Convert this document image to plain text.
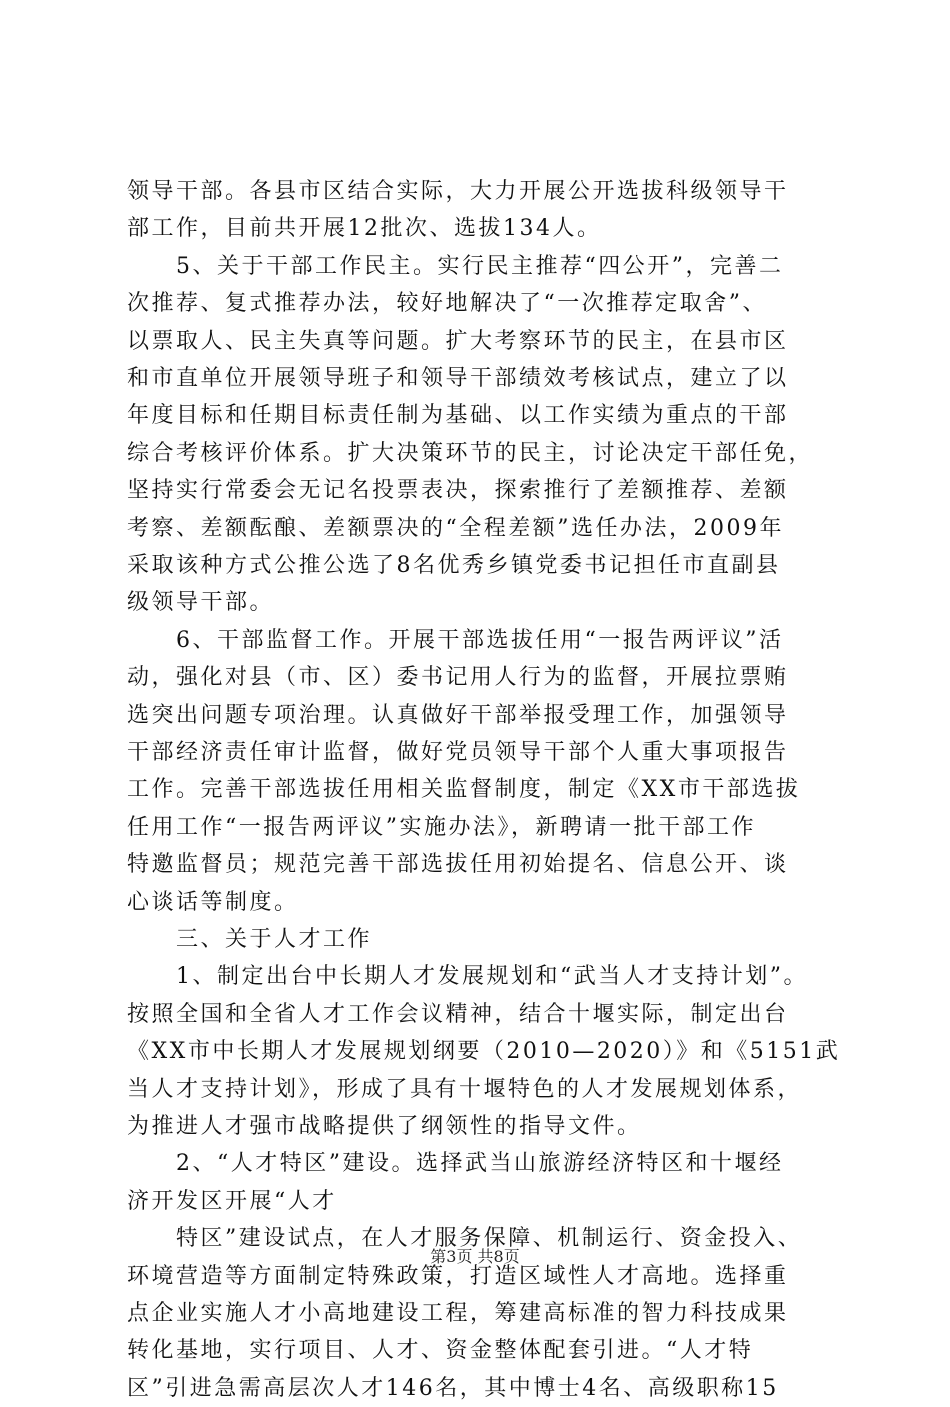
领导干部。各县市区结合实际，大力开展公开选拔科级领导干
部工作，目前共开展12批次、选拔134人。
　　5、关于干部工作民主。实行民主推荐“四公开”，完善二
次推荐、复式推荐办法，较好地解决了“一次推荐定取舍”、
以票取人、民主失真等问题。扩大考察环节的民主，在县市区
和市直单位开展领导班子和领导干部绩效考核试点，建立了以
年度目标和任期目标责任制为基础、以工作实绩为重点的干部
综合考核评价体系。扩大决策环节的民主，讨论决定干部任免，
坚持实行常委会无记名投票表决，探索推行了差额推荐、差额
考察、差额酝酿、差额票决的“全程差额”选任办法，2009年
采取该种方式公推公选了8名优秀乡镇党委书记担任市直副县
级领导干部。
　　6、干部监督工作。开展干部选拔任用“一报告两评议”活
动，强化对县（市、区）委书记用人行为的监督，开展拉票贿
选突出问题专项治理。认真做好干部举报受理工作，加强领导
干部经济责任审计监督，做好党员领导干部个人重大事项报告
工作。完善干部选拔任用相关监督制度，制定《XX市干部选拔
任用工作“一报告两评议”实施办法》，新聘请一批干部工作
特邀监督员；规范完善干部选拔任用初始提名、信息公开、谈
心谈话等制度。
　　三、关于人才工作
　　1、制定出台中长期人才发展规划和“武当人才支持计划”。
按照全国和全省人才工作会议精神，结合十堰实际，制定出台
《XX市中长期人才发展规划纲要（2010—2020）》和《5151武
当人才支持计划》，形成了具有十堰特色的人才发展规划体系，
为推进人才强市战略提供了纲领性的指导文件。
　　2、“人才特区”建设。选择武当山旅游经济特区和十堰经
济开发区开展“人才
　　特区”建设试点，在人才服务保障、机制运行、资金投入、
环境营造等方面制定特殊政策，打造区域性人才高地。选择重
点企业实施人才小高地建设工程，筹建高标准的智力科技成果
转化基地，实行项目、人才、资金整体配套引进。“人才特
区”引进急需高层次人才146名，其中博士4名、高级职称15
第3页 共8页
